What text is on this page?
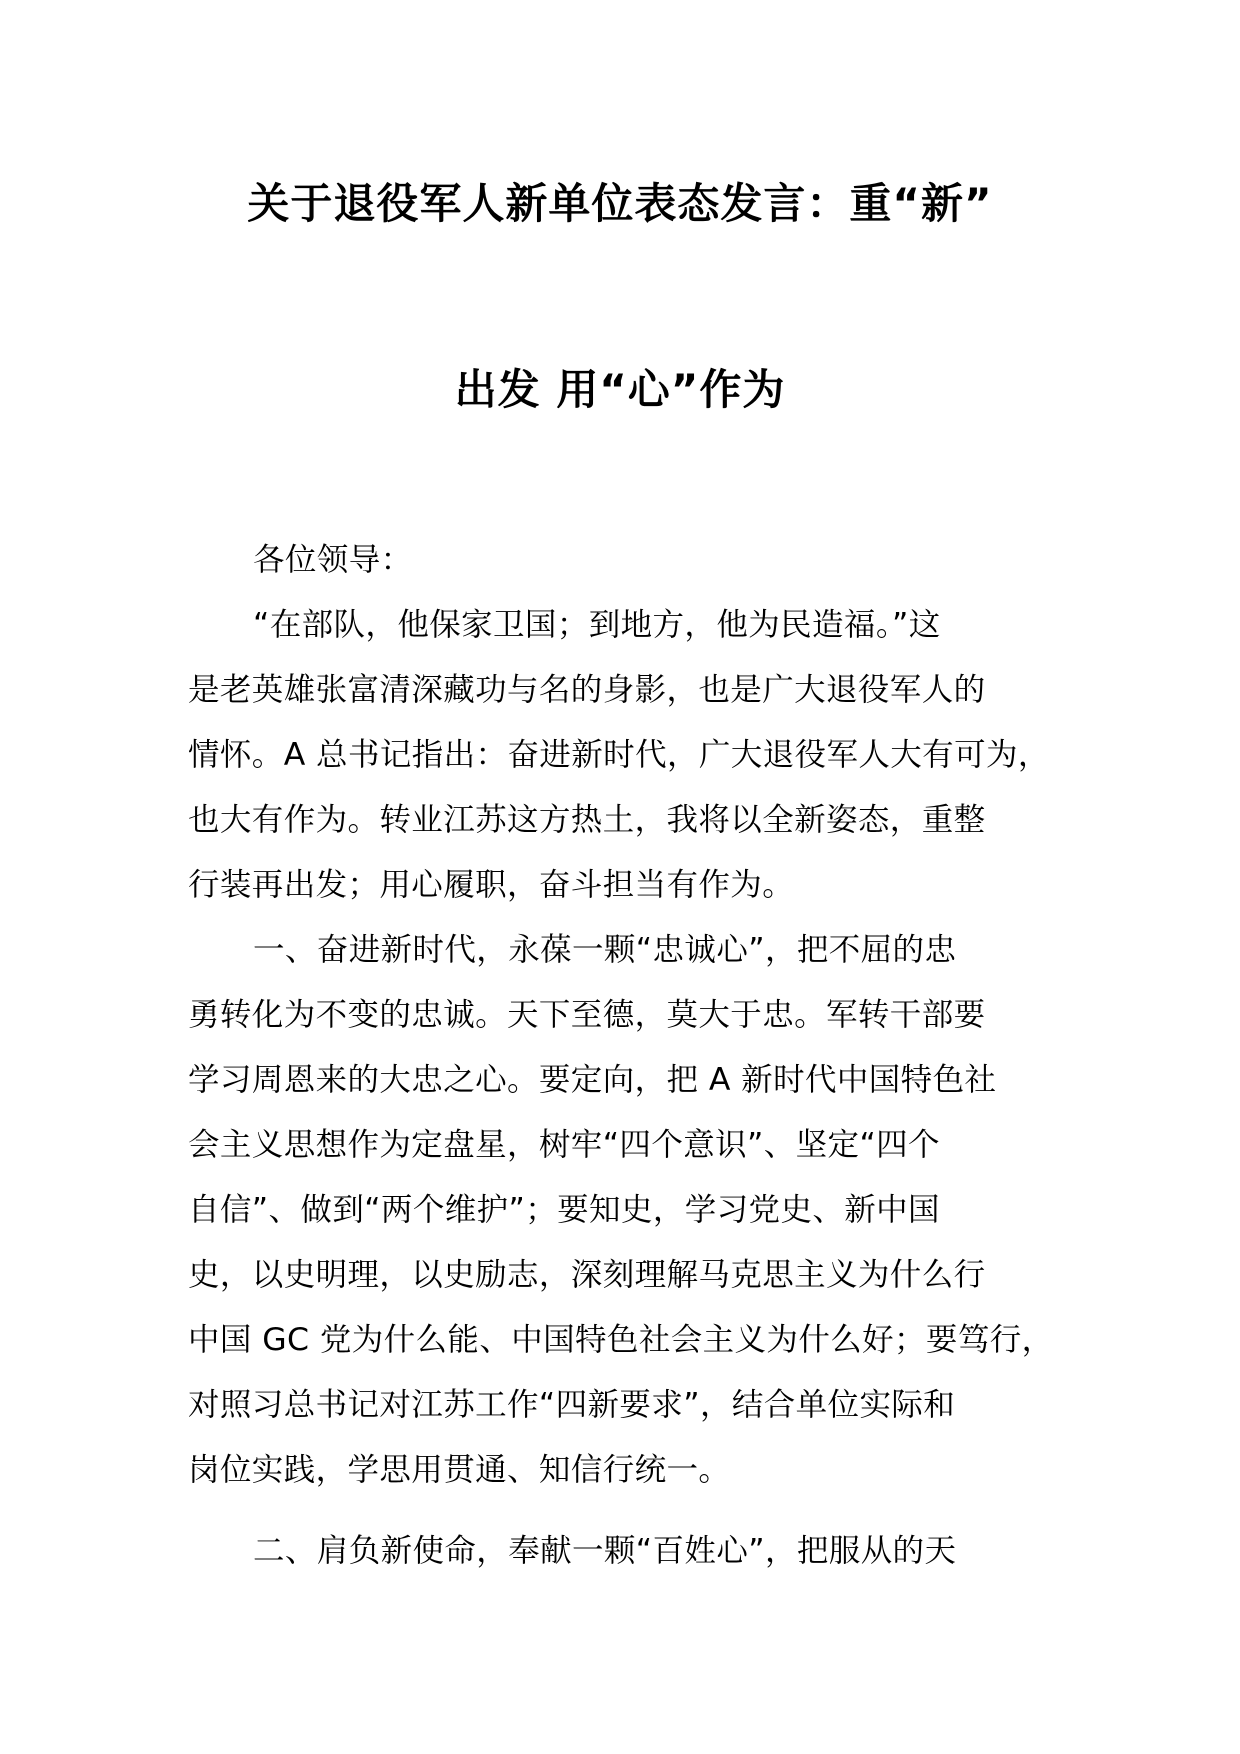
关于退役军人新单位表态发言：重“新”
出发 用“心”作为
各位领导：
“在部队，他保家卫国；到地方，他为民造福。”这
是老英雄张富清深藏功与名的身影，也是广大退役军人的
情怀。A 总书记指出：奋进新时代，广大退役军人大有可为，
也大有作为。转业江苏这方热土，我将以全新姿态，重整
行装再出发；用心履职，奋斗担当有作为。
一、奋进新时代，永葆一颗“忠诚心”，把不屈的忠
勇转化为不变的忠诚。天下至德，莫大于忠。军转干部要
学习周恩来的大忠之心。要定向，把 A 新时代中国特色社
会主义思想作为定盘星，树牢“四个意识”、坚定“四个
自信”、做到“两个维护”；要知史，学习党史、新中国
史，以史明理，以史励志，深刻理解马克思主义为什么行
中国 GC 党为什么能、中国特色社会主义为什么好；要笃行，
对照习总书记对江苏工作“四新要求”，结合单位实际和
岗位实践，学思用贯通、知信行统一。
二、肩负新使命，奉献一颗“百姓心”，把服从的天
